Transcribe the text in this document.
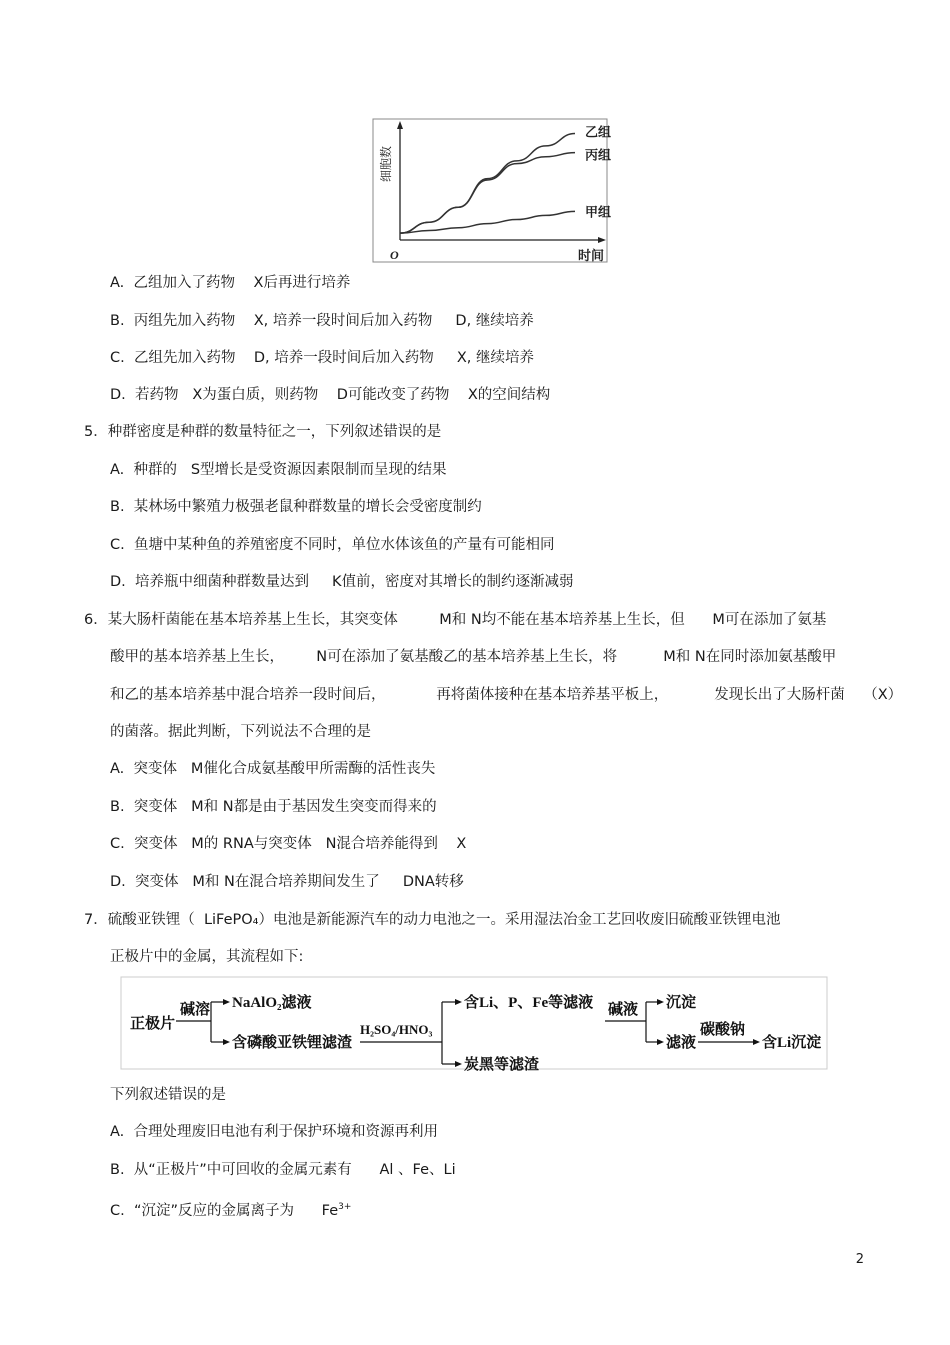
细胞数
时间
O
乙组
丙组
甲组
A. 乙组加入了药物 X后再进行培养
B. 丙组先加入药物 X, 培养一段时间后加入药物 D, 继续培养
C. 乙组先加入药物 D, 培养一段时间后加入药物 X, 继续培养
D. 若药物 X为蛋白质，则药物 D可能改变了药物 X的空间结构
5．种群密度是种群的数量特征之一，下列叙述错误的是
A. 种群的 S型增长是受资源因素限制而呈现的结果
B. 某林场中繁殖力极强老鼠种群数量的增长会受密度制约
C. 鱼塘中某种鱼的养殖密度不同时，单位水体该鱼的产量有可能相同
D. 培养瓶中细菌种群数量达到 K值前，密度对其增长的制约逐渐减弱
6．某大肠杆菌能在基本培养基上生长，其突变体	M和 N均不能在基本培养基上生长，但 M可在添加了氨基
酸甲的基本培养基上生长， N可在添加了氨基酸乙的基本培养基上生长，将	M和 N在同时添加氨基酸甲
和乙的基本培养基中混合培养一段时间后，	再将菌体接种在基本培养基平板上，	发现长出了大肠杆菌 （X）
的菌落。据此判断，下列说法不合理的是
A. 突变体 M催化合成氨基酸甲所需酶的活性丧失
B. 突变体 M和 N都是由于基因发生突变而得来的
C. 突变体 M的 RNA与突变体 N混合培养能得到 X
D. 突变体 M和 N在混合培养期间发生了 DNA转移
7．硫酸亚铁锂（ LiFePO₄）电池是新能源汽车的动力电池之一。采用湿法冶金工艺回收废旧硫酸亚铁锂电池
正极片中的金属，其流程如下:
正极片
碱溶 NaAlO₂滤液
含磷酸亚铁锂滤渣
H₂SO₄/HNO₃
含Li、P、Fe等滤液
炭黑等滤渣
碱液 沉淀
滤液
碳酸钠
含Li沉淀
下列叙述错误的是
A. 合理处理废旧电池有利于保护环境和资源再利用
B. 从“正极片”中可回收的金属元素有 Al 、Fe、Li
C. “沉淀”反应的金属离子为 $Fe^{3+}$
2
